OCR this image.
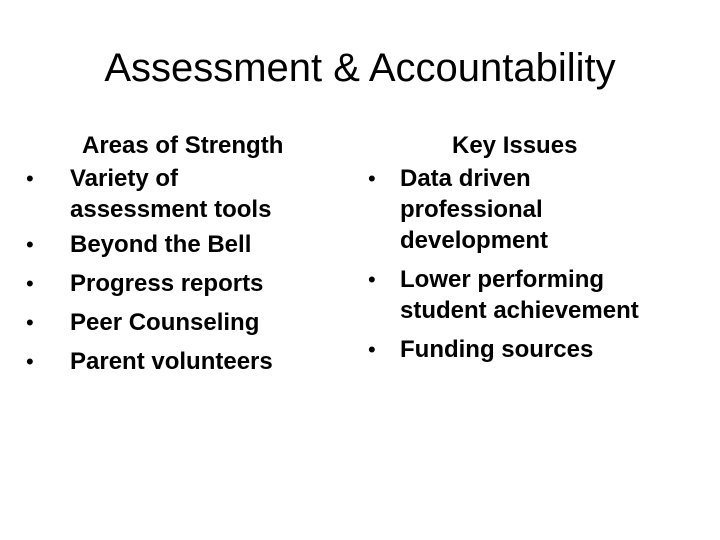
Assessment & Accountability
Areas of Strength
• Variety of assessment tools
• Beyond the Bell
• Progress reports
• Peer Counseling
• Parent volunteers
Key Issues
• Data driven professional development
• Lower performing student achievement
• Funding sources
